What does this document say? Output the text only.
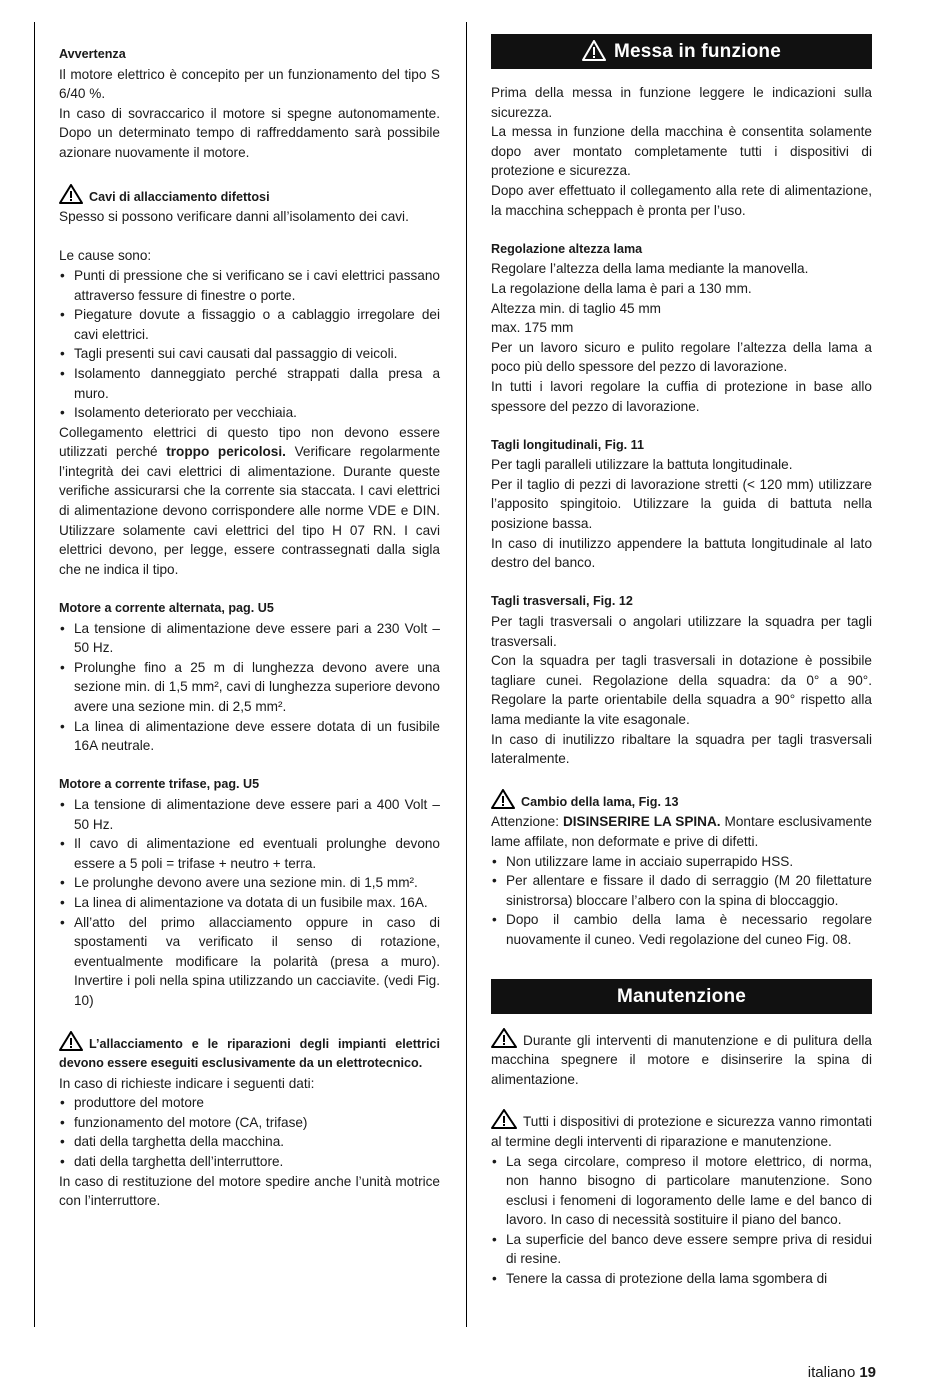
Avvertenza

Il motore elettrico è concepito per un funzionamento del tipo S 6/40 %.

In caso di sovraccarico il motore si spegne autonomamente. Dopo un determinato tempo di raffreddamento sarà possibile azionare nuovamente il motore.

Cavi di allacciamento difettosi

Spesso si possono verificare danni all’isolamento dei cavi.

Le cause sono:

• Punti di pressione che si verificano se i cavi elettrici passano attraverso fessure di finestre o porte.
• Piegature dovute a fissaggio o a cablaggio irregolare dei cavi elettrici.
• Tagli presenti sui cavi causati dal passaggio di veicoli.
• Isolamento danneggiato perché strappati dalla presa a muro.
• Isolamento deteriorato per vecchiaia.

Collegamento elettrici di questo tipo non devono essere utilizzati perché troppo pericolosi. Verificare regolarmente l’integrità dei cavi elettrici di alimentazione. Durante queste verifiche assicurarsi che la corrente sia staccata. I cavi elettrici di alimentazione devono corrispondere alle norme VDE e DIN. Utilizzare solamente cavi elettrici del tipo H 07 RN. I cavi elettrici devono, per legge, essere contrassegnati dalla sigla che ne indica il tipo.

Motore a corrente alternata, pag. U5

• La tensione di alimentazione deve essere pari a 230 Volt – 50 Hz.
• Prolunghe fino a 25 m di lunghezza devono avere una sezione min. di 1,5 mm², cavi di lunghezza superiore devono avere una sezione min. di 2,5 mm².
• La linea di alimentazione deve essere dotata di un fusibile 16A neutrale.

Motore a corrente trifase, pag. U5

• La tensione di alimentazione deve essere pari a 400 Volt – 50 Hz.
• Il cavo di alimentazione ed eventuali prolunghe devono essere a 5 poli = trifase + neutro + terra.
• Le prolunghe devono avere una sezione min. di 1,5 mm².
• La linea di alimentazione va dotata di un fusibile max. 16A.
• All’atto del primo allacciamento oppure in caso di spostamenti va verificato il senso di rotazione, eventualmente modificare la polarità (presa a muro). Invertire i poli nella spina utilizzando un cacciavite. (vedi Fig. 10)

L’allacciamento e le riparazioni degli impianti elettrici devono essere eseguiti esclusivamente da un elettrotecnico.

In caso di richieste indicare i seguenti dati:

• produttore del motore
• funzionamento del motore (CA, trifase)
• dati della targhetta della macchina.
• dati della targhetta dell’interruttore.

In caso di restituzione del motore spedire anche l’unità motrice con l’interruttore.

Messa in funzione

Prima della messa in funzione leggere le indicazioni sulla sicurezza.

La messa in funzione della macchina è consentita solamente dopo aver montato completamente tutti i dispositivi di protezione e sicurezza.

Dopo aver effettuato il collegamento alla rete di alimentazione, la macchina scheppach è pronta per l’uso.

Regolazione altezza lama

Regolare l’altezza della lama mediante la manovella.

La regolazione della lama è pari a 130 mm.

Altezza min. di taglio 45 mm

max. 175 mm

Per un lavoro sicuro e pulito regolare l’altezza della lama a poco più dello spessore del pezzo di lavorazione.

In tutti i lavori regolare la cuffia di protezione in base allo spessore del pezzo di lavorazione.

Tagli longitudinali, Fig. 11

Per tagli paralleli utilizzare la battuta longitudinale.

Per il taglio di pezzi di lavorazione stretti (< 120 mm) utilizzare l’apposito spingitoio. Utilizzare la guida di battuta nella posizione bassa.

In caso di inutilizzo appendere la battuta longitudinale al lato destro del banco.

Tagli trasversali, Fig. 12

Per tagli trasversali o angolari utilizzare la squadra per tagli trasversali.

Con la squadra per tagli trasversali in dotazione è possibile tagliare cunei. Regolazione della squadra: da 0° a 90°. Regolare la parte orientabile della squadra a 90° rispetto alla lama mediante la vite esagonale.

In caso di inutilizzo ribaltare la squadra per tagli trasversali lateralmente.

Cambio della lama, Fig. 13

Attenzione: DISINSERIRE LA SPINA. Montare esclusivamente lame affilate, non deformate e prive di difetti.

• Non utilizzare lame in acciaio superrapido HSS.
• Per allentare e fissare il dado di serraggio (M 20 filettature sinistrorsa) bloccare l’albero con la spina di bloccaggio.
• Dopo il cambio della lama è necessario regolare nuovamente il cuneo. Vedi regolazione del cuneo Fig. 08.
Manutenzione

Durante gli interventi di manutenzione e di pulitura della macchina spegnere il motore e disinserire la spina di alimentazione.

Tutti i dispositivi di protezione e sicurezza vanno rimontati al termine degli interventi di riparazione e manutenzione.

• La sega circolare, compreso il motore elettrico, di norma, non hanno bisogno di particolare manutenzione. Sono esclusi i fenomeni di logoramento delle lame e del banco di lavoro. In caso di necessità sostituire il piano del banco.
• La superficie del banco deve essere sempre priva di residui di resine.
• Tenere la cassa di protezione della lama sgombera di
italiano 19
